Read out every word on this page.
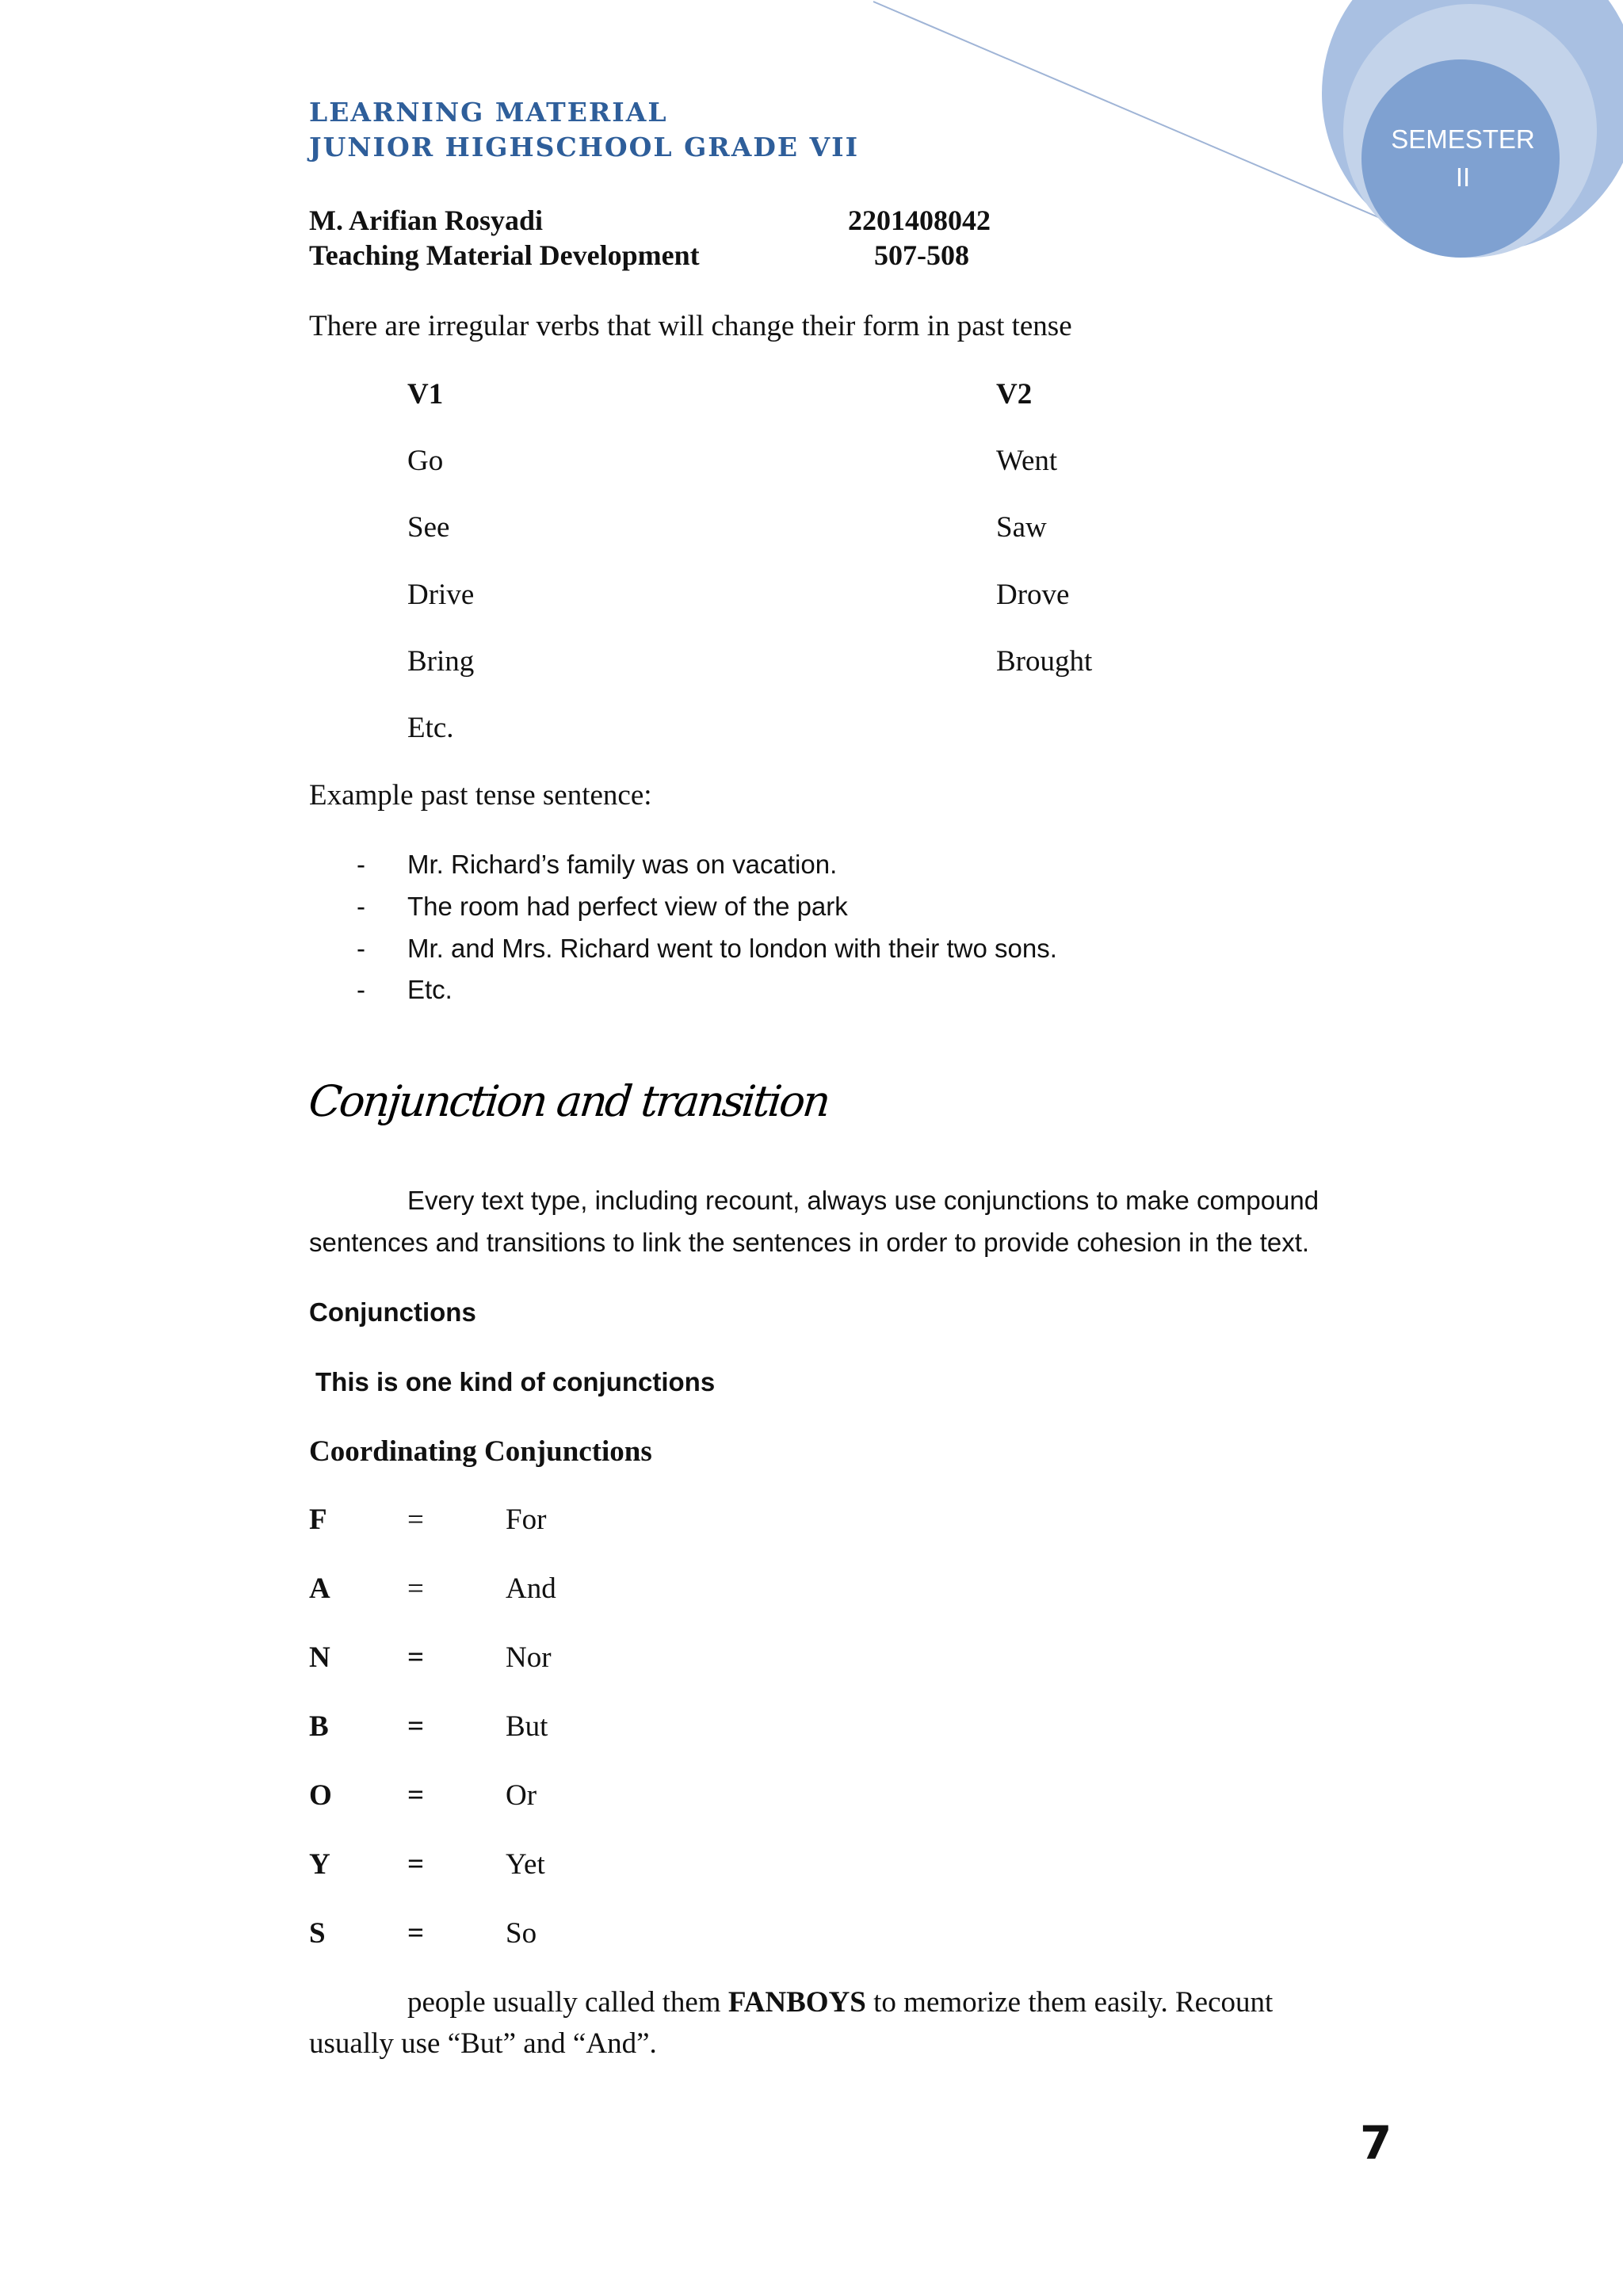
SEMESTER
II
LEARNING MATERIAL
JUNIOR HIGHSCHOOL GRADE VII
M. Arifian Rosyadi	2201408042
Teaching Material Development	507-508
There are irregular verbs that will change their form in past tense
V1	V2
Go	Went
See	Saw
Drive	Drove
Bring	Brought
Etc.
Example past tense sentence:
- Mr. Richard’s family was on vacation.
- The room had perfect view of the park
- Mr. and Mrs. Richard went to london with their two sons.
- Etc.
Conjunction and transition
Every text type, including recount, always use conjunctions to make compound
sentences and transitions to link the sentences in order to provide cohesion in the text.
Conjunctions
This is one kind of conjunctions
Coordinating Conjunctions
F	=	For
A	=	And
N	=	Nor
B	=	But
O	=	Or
Y	=	Yet
S	=	So
people usually called them FANBOYS to memorize them easily. Recount
usually use “But” and “And”.
7
